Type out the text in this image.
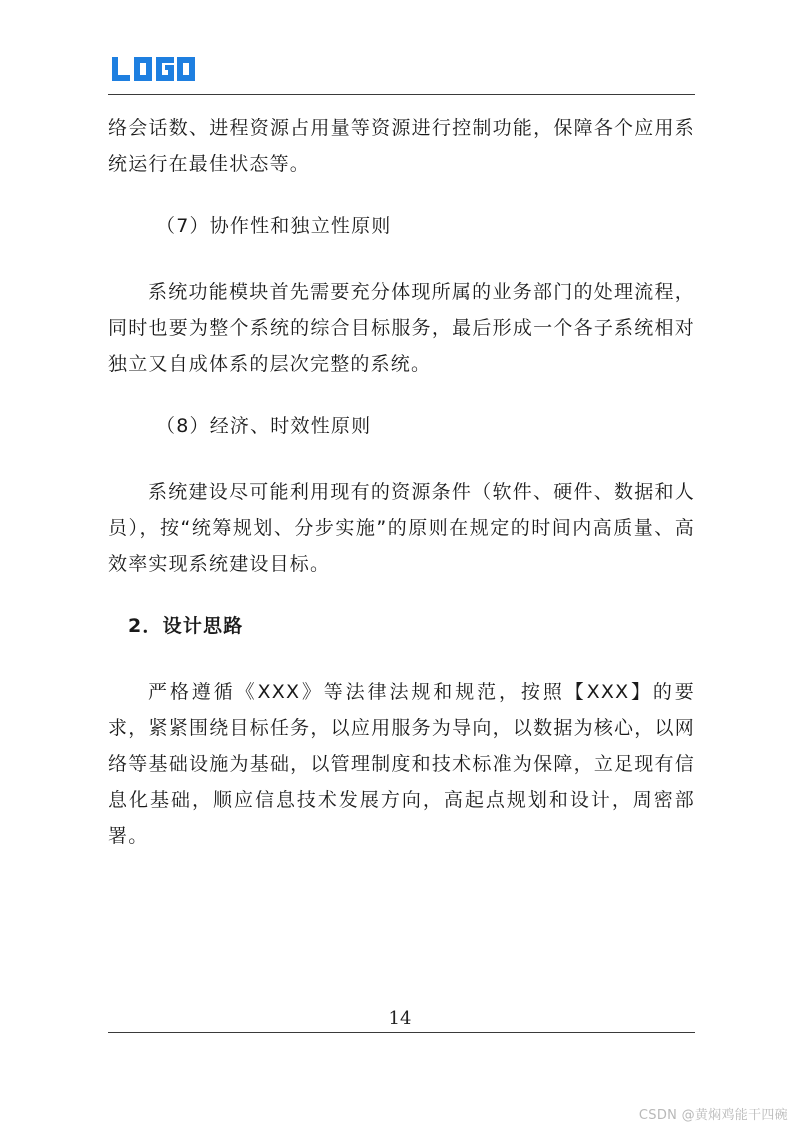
络会话数、进程资源占用量等资源进行控制功能，保障各个应用系统运行在最佳状态等。

（7）协作性和独立性原则

系统功能模块首先需要充分体现所属的业务部门的处理流程，同时也要为整个系统的综合目标服务，最后形成一个各子系统相对独立又自成体系的层次完整的系统。

（8）经济、时效性原则

系统建设尽可能利用现有的资源条件（软件、硬件、数据和人员），按“统筹规划、分步实施”的原则在规定的时间内高质量、高效率实现系统建设目标。

2．设计思路

严格遵循《XXX》等法律法规和规范，按照【XXX】的要求，紧紧围绕目标任务，以应用服务为导向，以数据为核心，以网络等基础设施为基础，以管理制度和技术标准为保障，立足现有信息化基础，顺应信息技术发展方向，高起点规划和设计，周密部署。

14
CSDN @黄焖鸡能干四碗
